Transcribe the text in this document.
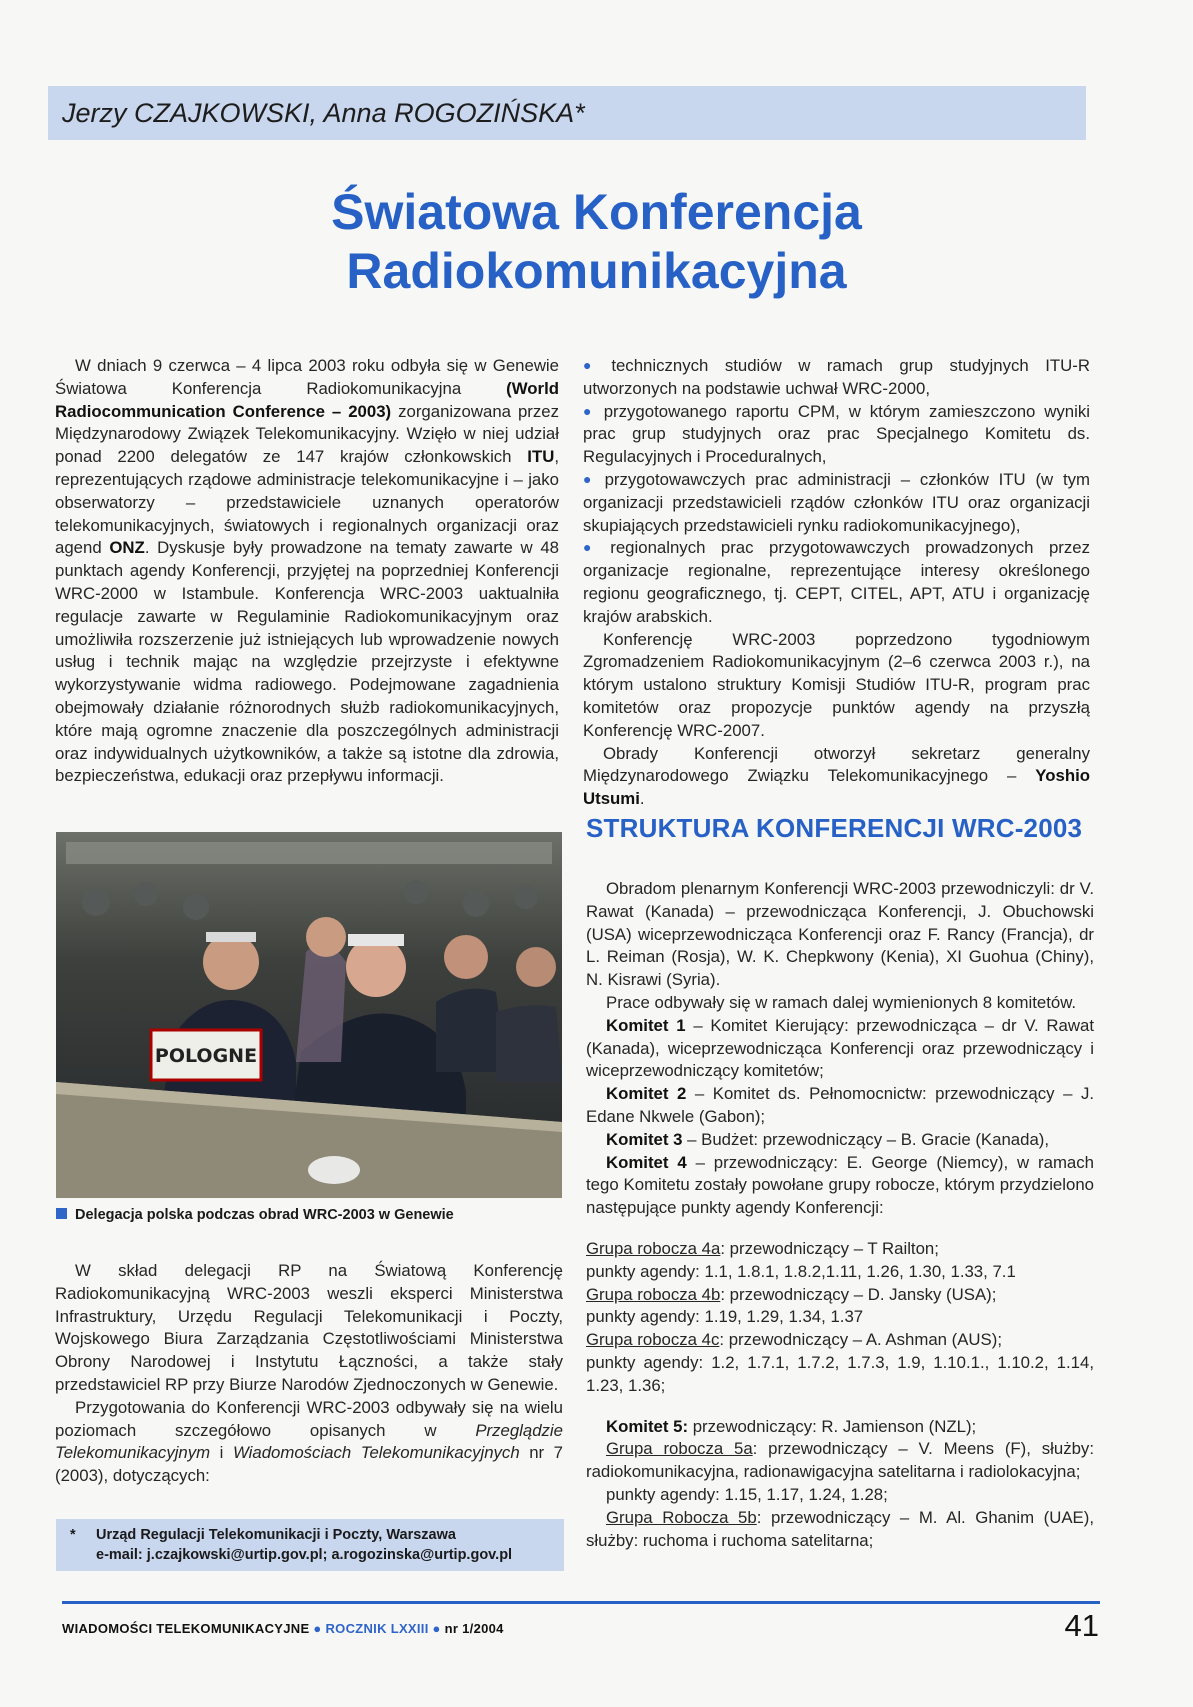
Jerzy CZAJKOWSKI, Anna ROGOZIŃSKA*
Światowa Konferencja
Radiokomunikacyjna

W dniach 9 czerwca – 4 lipca 2003 roku odbyła się w Genewie Światowa Konferencja Radiokomunikacyjna (World Radiocommunication Conference – 2003) zorganizowana przez Międzynarodowy Związek Telekomunikacyjny. Wzięło w niej udział ponad 2200 delegatów ze 147 krajów członkowskich ITU, reprezentujących rządowe administracje telekomunikacyjne i – jako obserwatorzy – przedstawiciele uznanych operatorów telekomunikacyjnych, światowych i regionalnych organizacji oraz agend ONZ. Dyskusje były prowadzone na tematy zawarte w 48 punktach agendy Konferencji, przyjętej na poprzedniej Konferencji WRC-2000 w Istambule. Konferencja WRC-2003 uaktualniła regulacje zawarte w Regulaminie Radiokomunikacyjnym oraz umożliwiła rozszerzenie już istniejących lub wprowadzenie nowych usług i technik mając na względzie przejrzyste i efektywne wykorzystywanie widma radiowego. Podejmowane zagadnienia obejmowały działanie różnorodnych służb radiokomunikacyjnych, które mają ogromne znaczenie dla poszczególnych administracji oraz indywidualnych użytkowników, a także są istotne dla zdrowia, bezpieczeństwa, edukacji oraz przepływu informacji.

● technicznych studiów w ramach grup studyjnych ITU-R utworzonych na podstawie uchwał WRC-2000,

● przygotowanego raportu CPM, w którym zamieszczono wyniki prac grup studyjnych oraz prac Specjalnego Komitetu ds. Regulacyjnych i Proceduralnych,

● przygotowawczych prac administracji – członków ITU (w tym organizacji przedstawicieli rządów członków ITU oraz organizacji skupiających przedstawicieli rynku radiokomunikacyjnego),

● regionalnych prac przygotowawczych prowadzonych przez organizacje regionalne, reprezentujące interesy określonego regionu geograficznego, tj. CEPT, CITEL, APT, ATU i organizację krajów arabskich.

Konferencję WRC-2003 poprzedzono tygodniowym Zgromadzeniem Radiokomunikacyjnym (2–6 czerwca 2003 r.), na którym ustalono struktury Komisji Studiów ITU-R, program prac komitetów oraz propozycje punktów agendy na przyszłą Konferencję WRC-2007.

Obrady Konferencji otworzył sekretarz generalny Międzynarodowego Związku Telekomunikacyjnego – Yoshio Utsumi.

STRUKTURA KONFERENCJI WRC-2003
POLOGNE
Delegacja polska podczas obrad WRC-2003 w Genewie

W skład delegacji RP na Światową Konferencję Radiokomunikacyjną WRC-2003 weszli eksperci Ministerstwa Infrastruktury, Urzędu Regulacji Telekomunikacji i Poczty, Wojskowego Biura Zarządzania Częstotliwościami Ministerstwa Obrony Narodowej i Instytutu Łączności, a także stały przedstawiciel RP przy Biurze Narodów Zjednoczonych w Genewie.

Przygotowania do Konferencji WRC-2003 odbywały się na wielu poziomach szczegółowo opisanych w Przeglądzie Telekomunikacyjnym i Wiadomościach Telekomunikacyjnych nr 7 (2003), dotyczących:

Obradom plenarnym Konferencji WRC-2003 przewodniczyli: dr V. Rawat (Kanada) – przewodnicząca Konferencji, J. Obuchowski (USA) wiceprzewodnicząca Konferencji oraz F. Rancy (Francja), dr L. Reiman (Rosja), W. K. Chepkwony (Kenia), XI Guohua (Chiny), N. Kisrawi (Syria).

Prace odbywały się w ramach dalej wymienionych 8 komitetów.

Komitet 1 – Komitet Kierujący: przewodnicząca – dr V. Rawat (Kanada), wiceprzewodnicząca Konferencji oraz przewodniczący i wiceprzewodniczący komitetów;

Komitet 2 – Komitet ds. Pełnomocnictw: przewodniczący – J. Edane Nkwele (Gabon);

Komitet 3 – Budżet: przewodniczący – B. Gracie (Kanada),

Komitet 4 – przewodniczący: E. George (Niemcy), w ramach tego Komitetu zostały powołane grupy robocze, którym przydzielono następujące punkty agendy Konferencji:

Grupa robocza 4a: przewodniczący – T Railton;

punkty agendy: 1.1, 1.8.1, 1.8.2,1.11, 1.26, 1.30, 1.33, 7.1

Grupa robocza 4b: przewodniczący – D. Jansky (USA);

punkty agendy: 1.19, 1.29, 1.34, 1.37

Grupa robocza 4c: przewodniczący – A. Ashman (AUS);

punkty agendy: 1.2, 1.7.1, 1.7.2, 1.7.3, 1.9, 1.10.1., 1.10.2, 1.14, 1.23, 1.36;

Komitet 5: przewodniczący: R. Jamienson (NZL);

Grupa robocza 5a: przewodniczący – V. Meens (F), służby: radiokomunikacyjna, radionawigacyjna satelitarna i radiolokacyjna;

punkty agendy: 1.15, 1.17, 1.24, 1.28;

Grupa Robocza 5b: przewodniczący – M. Al. Ghanim (UAE), służby: ruchoma i ruchoma satelitarna;

* Urząd Regulacji Telekomunikacji i Poczty, Warszawa
e-mail: j.czajkowski@urtip.gov.pl; a.rogozinska@urtip.gov.pl
WIADOMOŚCI TELEKOMUNIKACYJNE ● ROCZNIK LXXIII ● nr 1/2004	41
